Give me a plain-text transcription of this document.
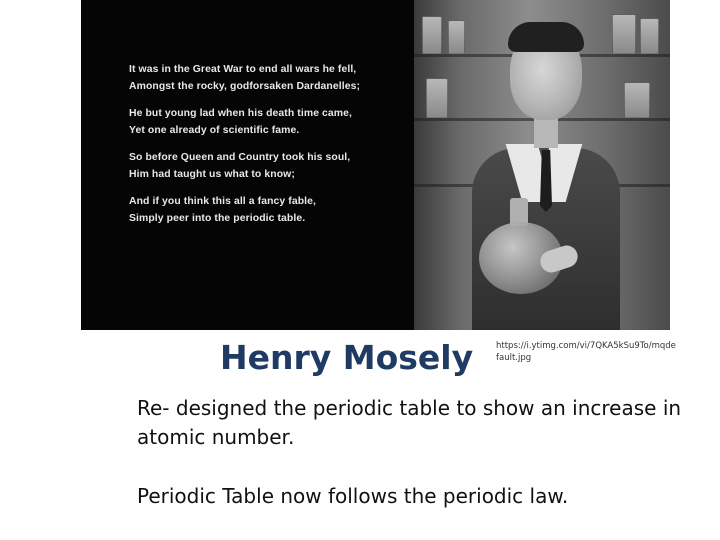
It was in the Great War to end all wars he fell,
Amongst the rocky, godforsaken Dardanelles;
He but young lad when his death time came,
Yet one already of scientific fame.
So before Queen and Country took his soul,
Him had taught us what to know;
And if you think this all a fancy fable,
Simply peer into the periodic table.
Henry Mosely	https://i.ytimg.com/vi/7QKA5kSu9To/mqdefault.jpg

Re- designed the periodic table to show an increase in atomic number.

Periodic Table now follows the periodic law.
